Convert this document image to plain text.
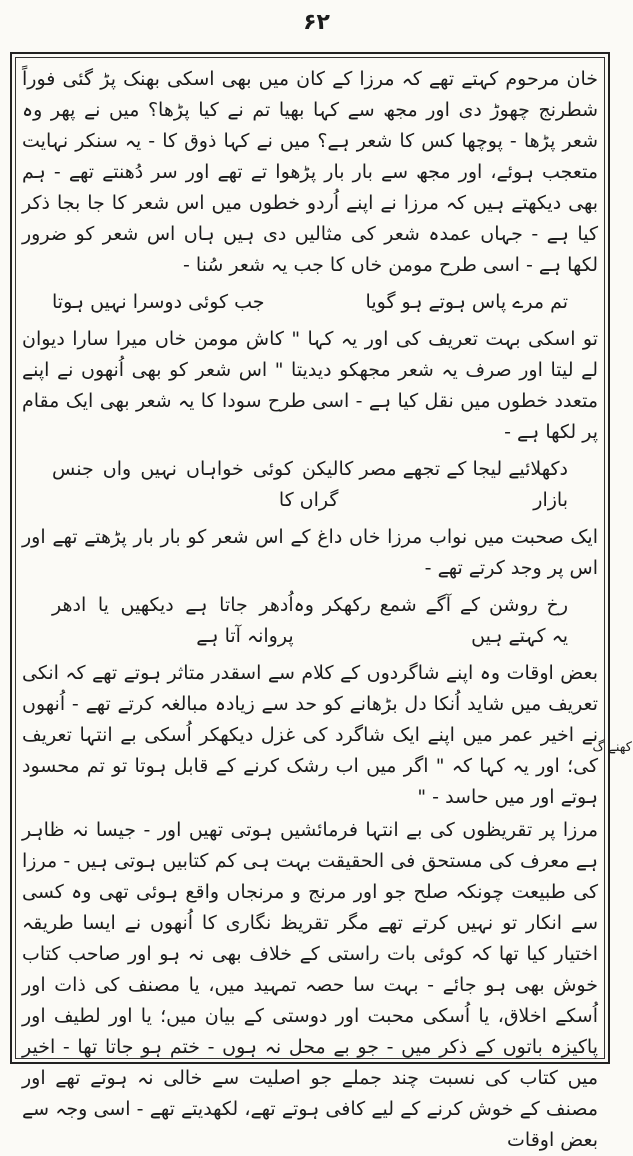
۶۲

خان مرحوم کہتے تھے کہ مرزا کے کان میں بھی اسکی بھنک پڑ گئی فوراً شطرنج چھوڑ دی اور مجھ سے کہا بھیا تم نے کیا پڑھا؟ میں نے پھر وہ شعر پڑھا - پوچھا کس کا شعر ہے؟ میں نے کہا ذوق کا - یہ سنکر نہایت متعجب ہوئے، اور مجھ سے بار بار پڑھوا تے تھے اور سر دُھنتے تھے - ہم بھی دیکھتے ہیں کہ مرزا نے اپنے اُردو خطوں میں اس شعر کا جا بجا ذکر کیا ہے - جہاں عمدہ شعر کی مثالیں دی ہیں ہاں اس شعر کو ضرور لکھا ہے - اسی طرح مومن خاں کا جب یہ شعر سُنا -

تم مرے پاس ہوتے ہو گویا
جب کوئی دوسرا نہیں ہوتا

تو اسکی بہت تعریف کی اور یہ کہا " کاش مومن خاں میرا سارا دیوان لے لیتا اور صرف یہ شعر مجھکو دیدیتا " اس شعر کو بھی اُنھوں نے اپنے متعدد خطوں میں نقل کیا ہے - اسی طرح سودا کا یہ شعر بھی ایک مقام پر لکھا ہے -

دکھلائیے لیجا کے تجھے مصر کا بازار
لیکن کوئی خواہاں نہیں واں جنس گراں کا

ایک صحبت میں نواب مرزا خاں داغ کے اس شعر کو بار بار پڑھتے تھے اور اس پر وجد کرتے تھے -

رخ روشن کے آگے شمع رکھکر وہ یہ کہتے ہیں
اُدھر جاتا ہے دیکھیں یا ادھر پروانہ آتا ہے

بعض اوقات وہ اپنے شاگردوں کے کلام سے اسقدر متاثر ہوتے تھے کہ انکی تعریف میں شاید اُنکا دل بڑھانے کو حد سے زیادہ مبالغہ کرتے تھے - اُنھوں نے اخیر عمر میں اپنے ایک شاگرد کی غزل دیکھکر اُسکی بے انتہا تعریف کی؛ اور یہ کہا کہ " اگر میں اب رشک کرنے کے قابل ہوتا تو تم محسود ہوتے اور میں حاسد - "

مرزا پر تقریظوں کی بے انتہا فرمائشیں ہوتی تھیں اور - جیسا نہ ظاہر ہے معرف کی مستحق فی الحقیقت بہت ہی کم کتابیں ہوتی ہیں - مرزا کی طبیعت چونکہ صلح جو اور مرنج و مرنجاں واقع ہوئی تھی وہ کسی سے انکار تو نہیں کرتے تھے مگر تقریظ نگاری کا اُنھوں نے ایسا طریقہ اختیار کیا تھا کہ کوئی بات راستی کے خلاف بھی نہ ہو اور صاحب کتاب خوش بھی ہو جائے - بہت سا حصہ تمہید میں، یا مصنف کی ذات اور اُسکے اخلاق، یا اُسکی محبت اور دوستی کے بیان میں؛ یا اور لطیف اور پاکیزہ باتوں کے ذکر میں - جو بے محل نہ ہوں - ختم ہو جاتا تھا - اخیر میں کتاب کی نسبت چند جملے جو اصلیت سے خالی نہ ہوتے تھے اور مصنف کے خوش کرنے کے لیے کافی ہوتے تھے، لکھدیتے تھے - اسی وجہ سے بعض اوقات

کھنے گ
